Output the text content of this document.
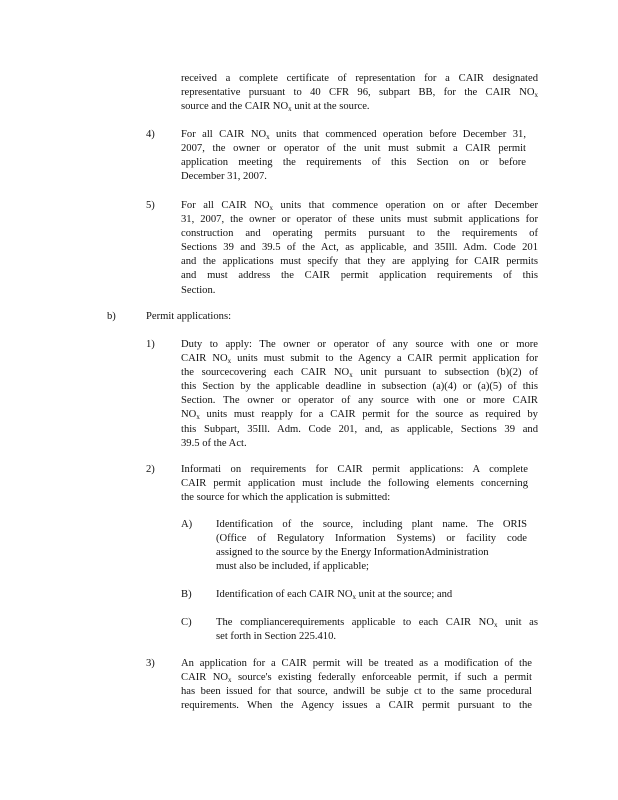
received a complete certificate of representation for a CAIR designated
representative pursuant to 40 CFR 96, subpart BB, for the CAIR $NO_x$
source and the CAIR $NO_x$ unit at the source.
4) For all CAIR $NO_x$ units that commenced operation before December 31,
2007, the owner or operator of the unit must submit a CAIR permit
application meeting the requirements of this Section on or before
December 31, 2007.
5) For all CAIR $NO_x$ units that commence operation on or after December
31, 2007, the owner or operator of these units must submit applications for
construction and operating permits pursuant to the requirements of
Sections 39 and 39.5 of the Act, as applicable, and 35Ill. Adm. Code 201
and the applications must specify that they are applying for CAIR permits
and must address the CAIR permit application requirements of this
Section.
b)	Permit applications:
1) Duty to apply: The owner or operator of any source with one or more
CAIR $NO_x$ units must submit to the Agency a CAIR permit application for
the sourcecovering each CAIR $NO_x$ unit pursuant to subsection (b)(2) of
this Section by the applicable deadline in subsection (a)(4) or (a)(5) of this
Section. The owner or operator of any source with one or more CAIR
$NO_x$ units must reapply for a CAIR permit for the source as required by
this Subpart, 35Ill. Adm. Code 201, and, as applicable, Sections 39 and
39.5 of the Act.
2) Informati on requirements for CAIR permit applications: A complete
CAIR permit application must include the following elements concerning
the source for which the application is submitted:
A) Identification of the source, including plant name. The ORIS
(Office of Regulatory Information Systems) or facility code
assigned to the source by the Energy InformationAdministration
must also be included, if applicable;
B) Identification of each CAIR $NO_x$ unit at the source; and
C) The compliancerequirements applicable to each CAIR $NO_x$ unit as
set forth in Section 225.410.
3) An application for a CAIR permit will be treated as a modification of the
CAIR $NO_x$ source's existing federally enforceable permit, if such a permit
has been issued for that source, andwill be subje ct to the same procedural
requirements. When the Agency issues a CAIR permit pursuant to the
